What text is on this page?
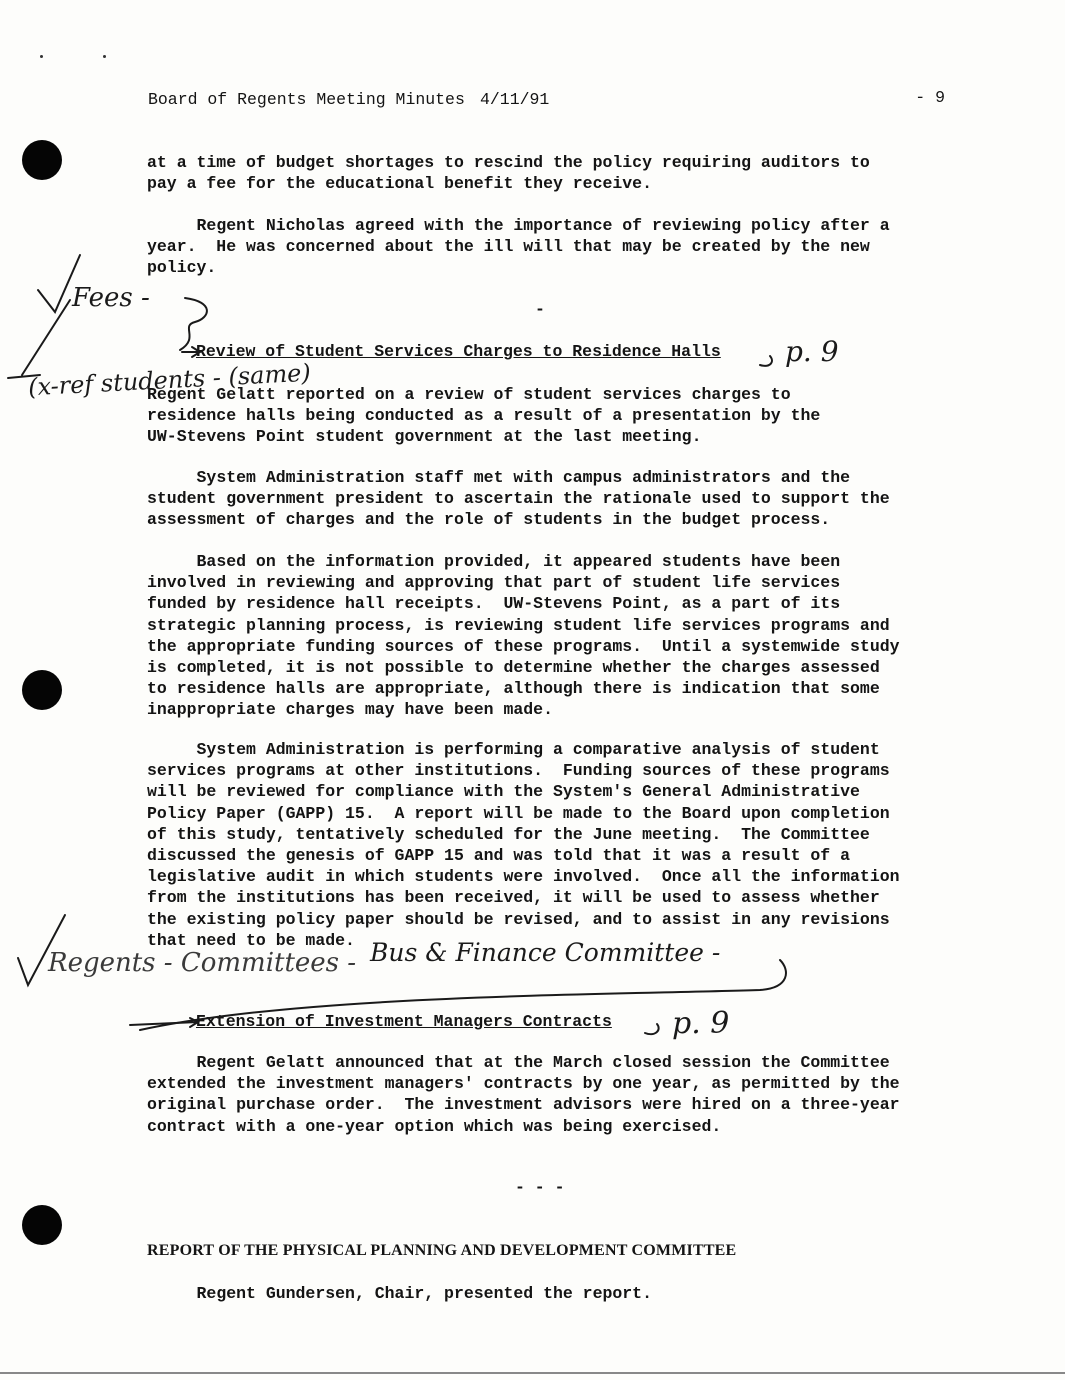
Board of Regents Meeting Minutes 4/11/91	- 9
at a time of budget shortages to rescind the policy requiring auditors to
pay a fee for the educational benefit they receive.
Regent Nicholas agreed with the importance of reviewing policy after a
year.  He was concerned about the ill will that may be created by the new
policy.
-
Review of Student Services Charges to Residence Halls
Regent Gelatt reported on a review of student services charges to
residence halls being conducted as a result of a presentation by the
UW-Stevens Point student government at the last meeting.
System Administration staff met with campus administrators and the
student government president to ascertain the rationale used to support the
assessment of charges and the role of students in the budget process.
Based on the information provided, it appeared students have been
involved in reviewing and approving that part of student life services
funded by residence hall receipts.  UW-Stevens Point, as a part of its
strategic planning process, is reviewing student life services programs and
the appropriate funding sources of these programs.  Until a systemwide study
is completed, it is not possible to determine whether the charges assessed
to residence halls are appropriate, although there is indication that some
inappropriate charges may have been made.
System Administration is performing a comparative analysis of student
services programs at other institutions.  Funding sources of these programs
will be reviewed for compliance with the System's General Administrative
Policy Paper (GAPP) 15.  A report will be made to the Board upon completion
of this study, tentatively scheduled for the June meeting.  The Committee
discussed the genesis of GAPP 15 and was told that it was a result of a
legislative audit in which students were involved.  Once all the information
from the institutions has been received, it will be used to assess whether
the existing policy paper should be revised, and to assist in any revisions
that need to be made.
Extension of Investment Managers Contracts
Regent Gelatt announced that at the March closed session the Committee
extended the investment managers' contracts by one year, as permitted by the
original purchase order.  The investment advisors were hired on a three-year
contract with a one-year option which was being exercised.
- - -
REPORT OF THE PHYSICAL PLANNING AND DEVELOPMENT COMMITTEE
Regent Gundersen, Chair, presented the report.
Fees -
(x-ref students - (same)
p. 9
Regents - Committees - Bus & Finance Committee -
p. 9
